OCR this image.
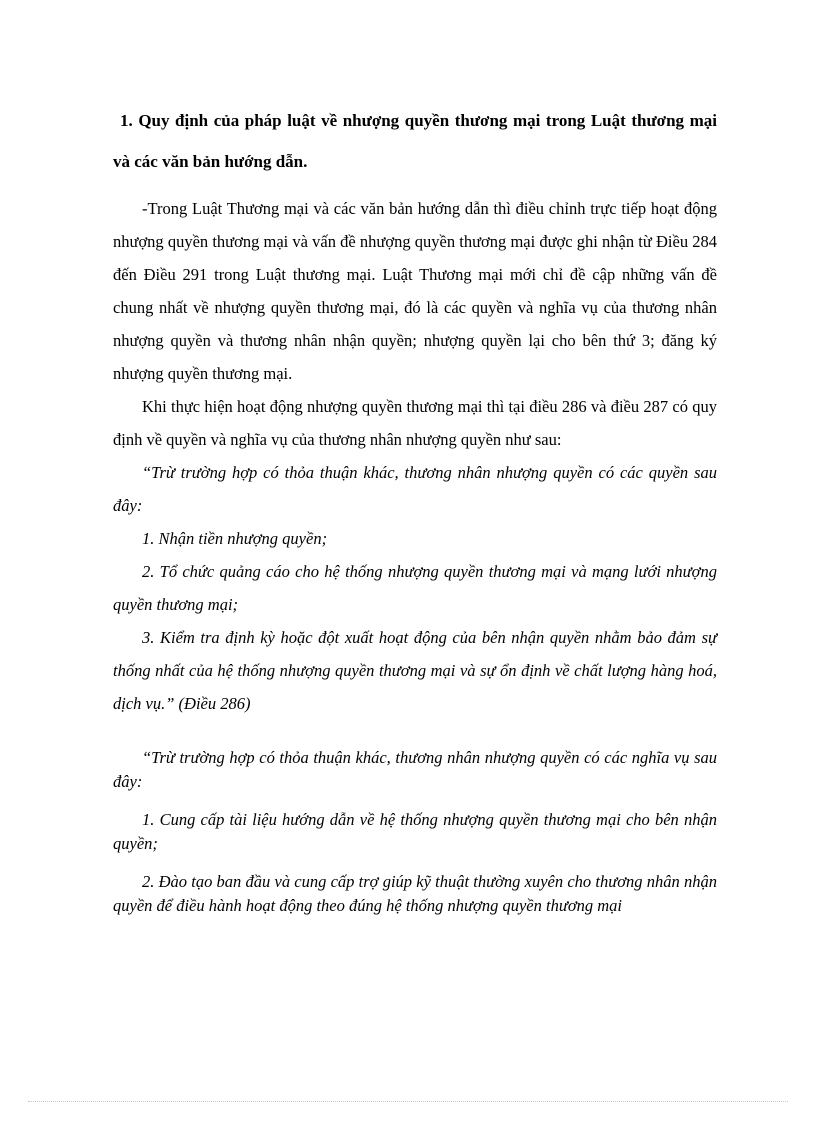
1. Quy định của pháp luật về nhượng quyền thương mại trong Luật thương mại và các văn bản hướng dẫn.

-Trong Luật Thương mại và các văn bản hướng dẫn thì điều chỉnh trực tiếp hoạt động nhượng quyền thương mại và vấn đề nhượng quyền thương mại được ghi nhận từ Điều 284 đến Điều 291 trong Luật thương mại. Luật Thương mại mới chỉ đề cập những vấn đề chung nhất về nhượng quyền thương mại, đó là các quyền và nghĩa vụ của thương nhân nhượng quyền và thương nhân nhận quyền; nhượng quyền lại cho bên thứ 3; đăng ký nhượng quyền thương mại.

Khi thực hiện hoạt động nhượng quyền thương mại thì tại điều 286 và điều 287 có quy định về quyền và nghĩa vụ của thương nhân nhượng quyền như sau:

“Trừ trường hợp có thỏa thuận khác, thương nhân nhượng quyền có các quyền sau đây:

1. Nhận tiền nhượng quyền;

2. Tổ chức quảng cáo cho hệ thống nhượng quyền thương mại và mạng lưới nhượng quyền thương mại;

3. Kiểm tra định kỳ hoặc đột xuất hoạt động của bên nhận quyền nhằm bảo đảm sự thống nhất của hệ thống nhượng quyền thương mại và sự ổn định về chất lượng hàng hoá, dịch vụ.” (Điều 286)

“Trừ trường hợp có thỏa thuận khác, thương nhân nhượng quyền có các nghĩa vụ sau đây:

1. Cung cấp tài liệu hướng dẫn về hệ thống nhượng quyền thương mại cho bên nhận quyền;

2. Đào tạo ban đầu và cung cấp trợ giúp kỹ thuật thường xuyên cho thương nhân nhận quyền để điều hành hoạt động theo đúng hệ thống nhượng quyền thương mại
